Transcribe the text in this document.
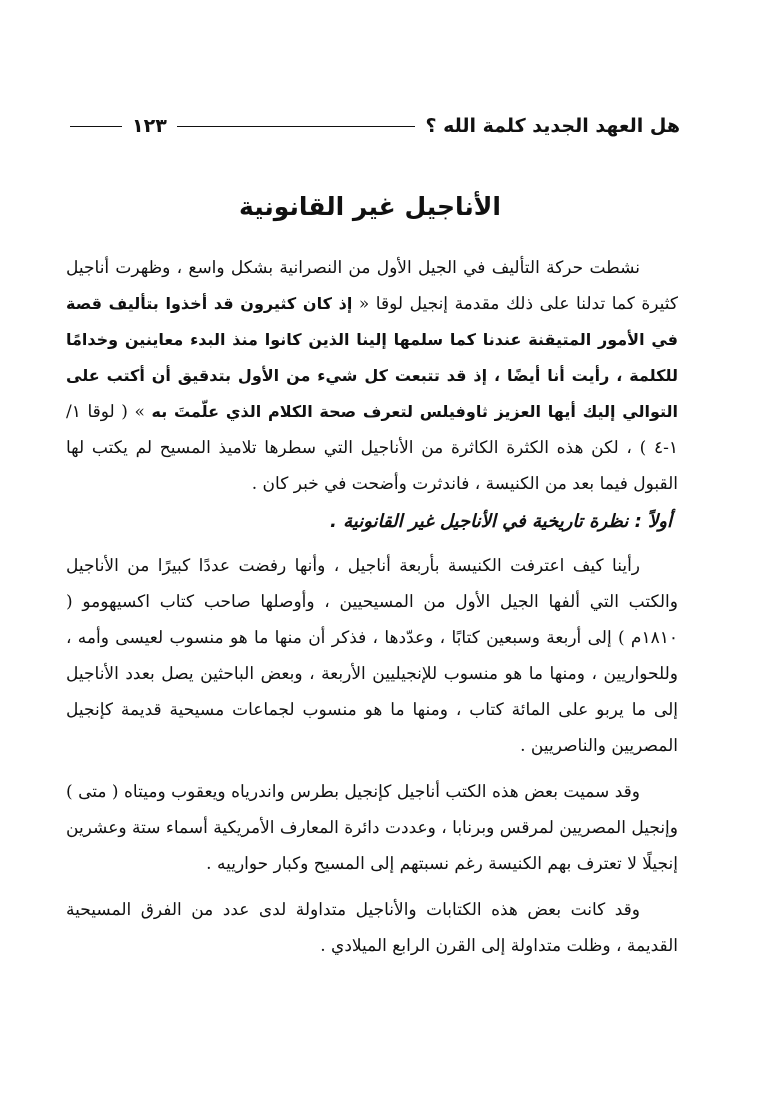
هل العهد الجديد كلمة الله ؟
١٢٣
الأناجيل غير القانونية

نشطت حركة التأليف في الجيل الأول من النصرانية بشكل واسع ، وظهرت أناجيل كثيرة كما تدلنا على ذلك مقدمة إنجيل لوقا « إذ كان كثيرون قد أخذوا بتأليف قصة في الأمور المتيقنة عندنا كما سلمها إلينا الذين كانوا منذ البدء معاينين وخدامًا للكلمة ، رأيت أنا أيضًا ، إذ قد تتبعت كل شيء من الأول بتدقيق أن أكتب على التوالي إليك أيها العزيز ثاوفيلس لتعرف صحة الكلام الذي علّمتَ به » ( لوقا ١/ ١-٤ ) ، لكن هذه الكثرة الكاثرة من الأناجيل التي سطرها تلاميذ المسيح لم يكتب لها القبول فيما بعد من الكنيسة ، فاندثرت وأضحت في خبر كان .

أولاً : نظرة تاريخية في الأناجيل غير القانونية .

رأينا كيف اعترفت الكنيسة بأربعة أناجيل ، وأنها رفضت عددًا كبيرًا من الأناجيل والكتب التي ألفها الجيل الأول من المسيحيين ، وأوصلها صاحب كتاب اكسيهومو ( ١٨١٠م ) إلى أربعة وسبعين كتابًا ، وعدّدها ، فذكر أن منها ما هو منسوب لعيسى وأمه ، وللحواريين ، ومنها ما هو منسوب للإنجيليين الأربعة ، وبعض الباحثين يصل بعدد الأناجيل إلى ما يربو على المائة كتاب ، ومنها ما هو منسوب لجماعات مسيحية قديمة كإنجيل المصريين والناصريين .

وقد سميت بعض هذه الكتب أناجيل كإنجيل بطرس واندرياه ويعقوب وميتاه ( متى ) وإنجيل المصريين لمرقس وبرنابا ، وعددت دائرة المعارف الأمريكية أسماء ستة وعشرين إنجيلًا لا تعترف بهم الكنيسة رغم نسبتهم إلى المسيح وكبار حوارييه .

وقد كانت بعض هذه الكتابات والأناجيل متداولة لدى عدد من الفرق المسيحية القديمة ، وظلت متداولة إلى القرن الرابع الميلادي .
